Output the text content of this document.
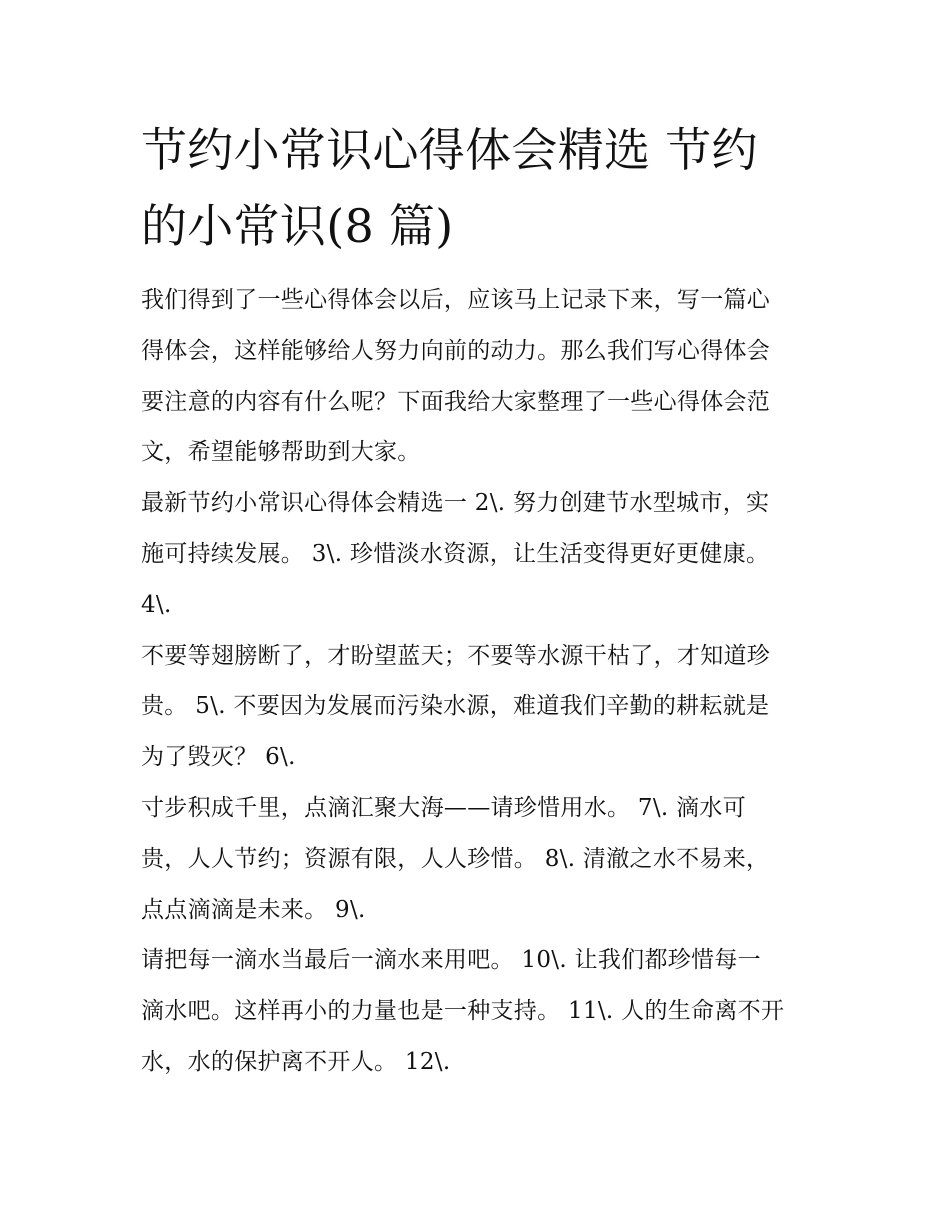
节约小常识心得体会精选 节约
的小常识(8 篇)

我们得到了一些心得体会以后，应该马上记录下来，写一篇心
得体会，这样能够给人努力向前的动力。那么我们写心得体会
要注意的内容有什么呢？下面我给大家整理了一些心得体会范
文，希望能够帮助到大家。

最新节约小常识心得体会精选一 2\. 努力创建节水型城市，实
施可持续发展。 3\. 珍惜淡水资源，让生活变得更好更健康。
4\.

不要等翅膀断了，才盼望蓝天；不要等水源干枯了，才知道珍
贵。 5\. 不要因为发展而污染水源，难道我们辛勤的耕耘就是
为了毁灭？ 6\.

寸步积成千里，点滴汇聚大海——请珍惜用水。 7\. 滴水可
贵，人人节约；资源有限，人人珍惜。 8\. 清澈之水不易来，
点点滴滴是未来。 9\.

请把每一滴水当最后一滴水来用吧。 10\. 让我们都珍惜每一
滴水吧。这样再小的力量也是一种支持。 11\. 人的生命离不开
水，水的保护离不开人。 12\.
